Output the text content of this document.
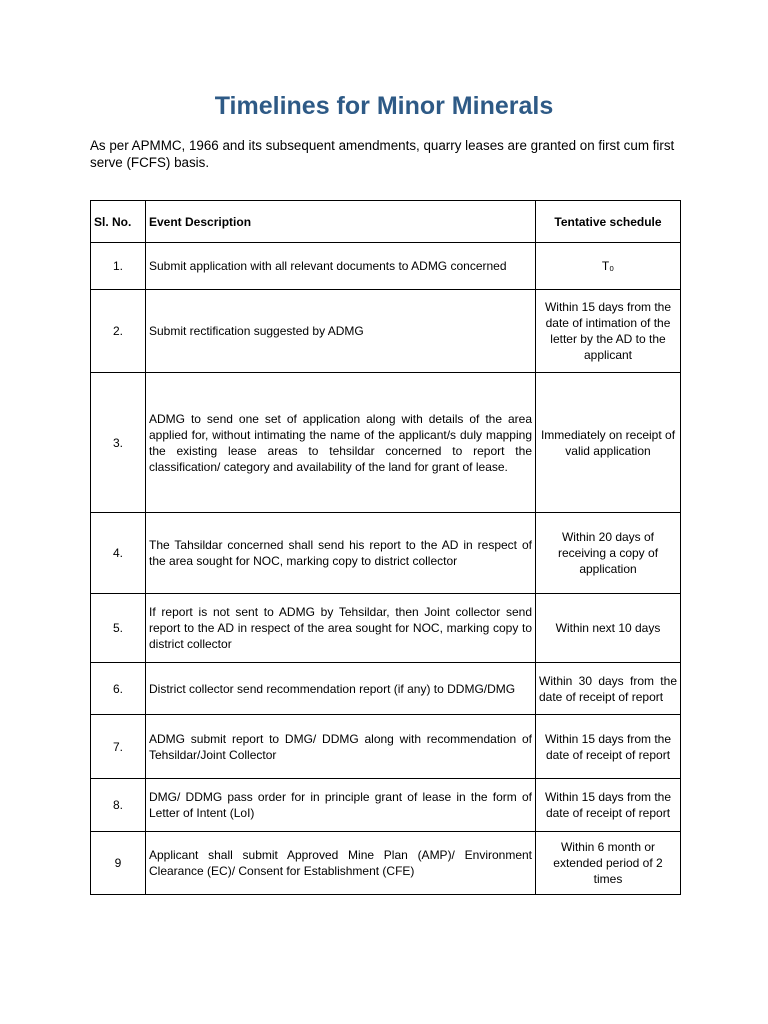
Timelines for Minor Minerals

As per APMMC, 1966 and its subsequent amendments, quarry leases are granted on first cum first serve (FCFS) basis.

Sl. No.	Event Description	Tentative schedule
1.	Submit application with all relevant documents to ADMG concerned	T₀
2.	Submit rectification suggested by ADMG	Within 15 days from the date of intimation of the letter by the AD to the applicant
3.	ADMG to send one set of application along with details of the area applied for, without intimating the name of the applicant/s duly mapping the existing lease areas to tehsildar concerned to report the classification/ category and availability of the land for grant of lease.	Immediately on receipt of valid application
4.	The Tahsildar concerned shall send his report to the AD in respect of the area sought for NOC, marking copy to district collector	Within 20 days of receiving a copy of application
5.	If report is not sent to ADMG by Tehsildar, then Joint collector send report to the AD in respect of the area sought for NOC, marking copy to district collector	Within next 10 days
6.	District collector send recommendation report (if any) to DDMG/DMG	Within 30 days from the date of receipt of report
7.	ADMG submit report to DMG/ DDMG along with recommendation of Tehsildar/Joint Collector	Within 15 days from the date of receipt of report
8.	DMG/ DDMG pass order for in principle grant of lease in the form of Letter of Intent (LoI)	Within 15 days from the date of receipt of report
9	Applicant shall submit Approved Mine Plan (AMP)/ Environment Clearance (EC)/ Consent for Establishment (CFE)	Within 6 month or extended period of 2 times
